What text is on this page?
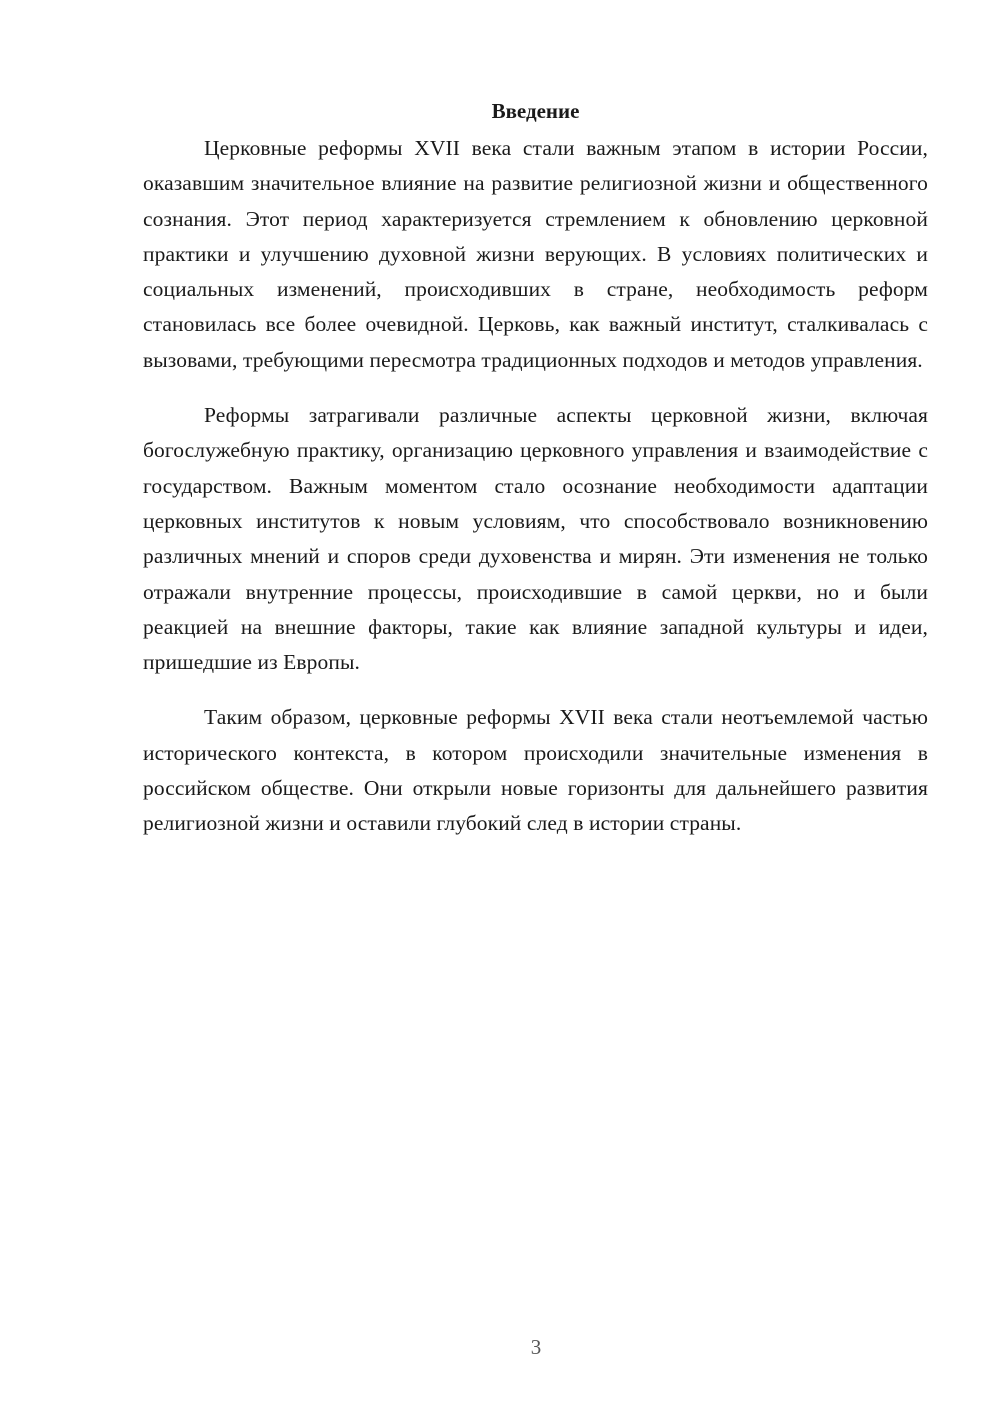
Введение

Церковные реформы XVII века стали важным этапом в истории России, оказавшим значительное влияние на развитие религиозной жизни и общественного сознания. Этот период характеризуется стремлением к обновлению церковной практики и улучшению духовной жизни верующих. В условиях политических и социальных изменений, происходивших в стране, необходимость реформ становилась все более очевидной. Церковь, как важный институт, сталкивалась с вызовами, требующими пересмотра традиционных подходов и методов управления.

Реформы затрагивали различные аспекты церковной жизни, включая богослужебную практику, организацию церковного управления и взаимодействие с государством. Важным моментом стало осознание необходимости адаптации церковных институтов к новым условиям, что способствовало возникновению различных мнений и споров среди духовенства и мирян. Эти изменения не только отражали внутренние процессы, происходившие в самой церкви, но и были реакцией на внешние факторы, такие как влияние западной культуры и идеи, пришедшие из Европы.

Таким образом, церковные реформы XVII века стали неотъемлемой частью исторического контекста, в котором происходили значительные изменения в российском обществе. Они открыли новые горизонты для дальнейшего развития религиозной жизни и оставили глубокий след в истории страны.

3
